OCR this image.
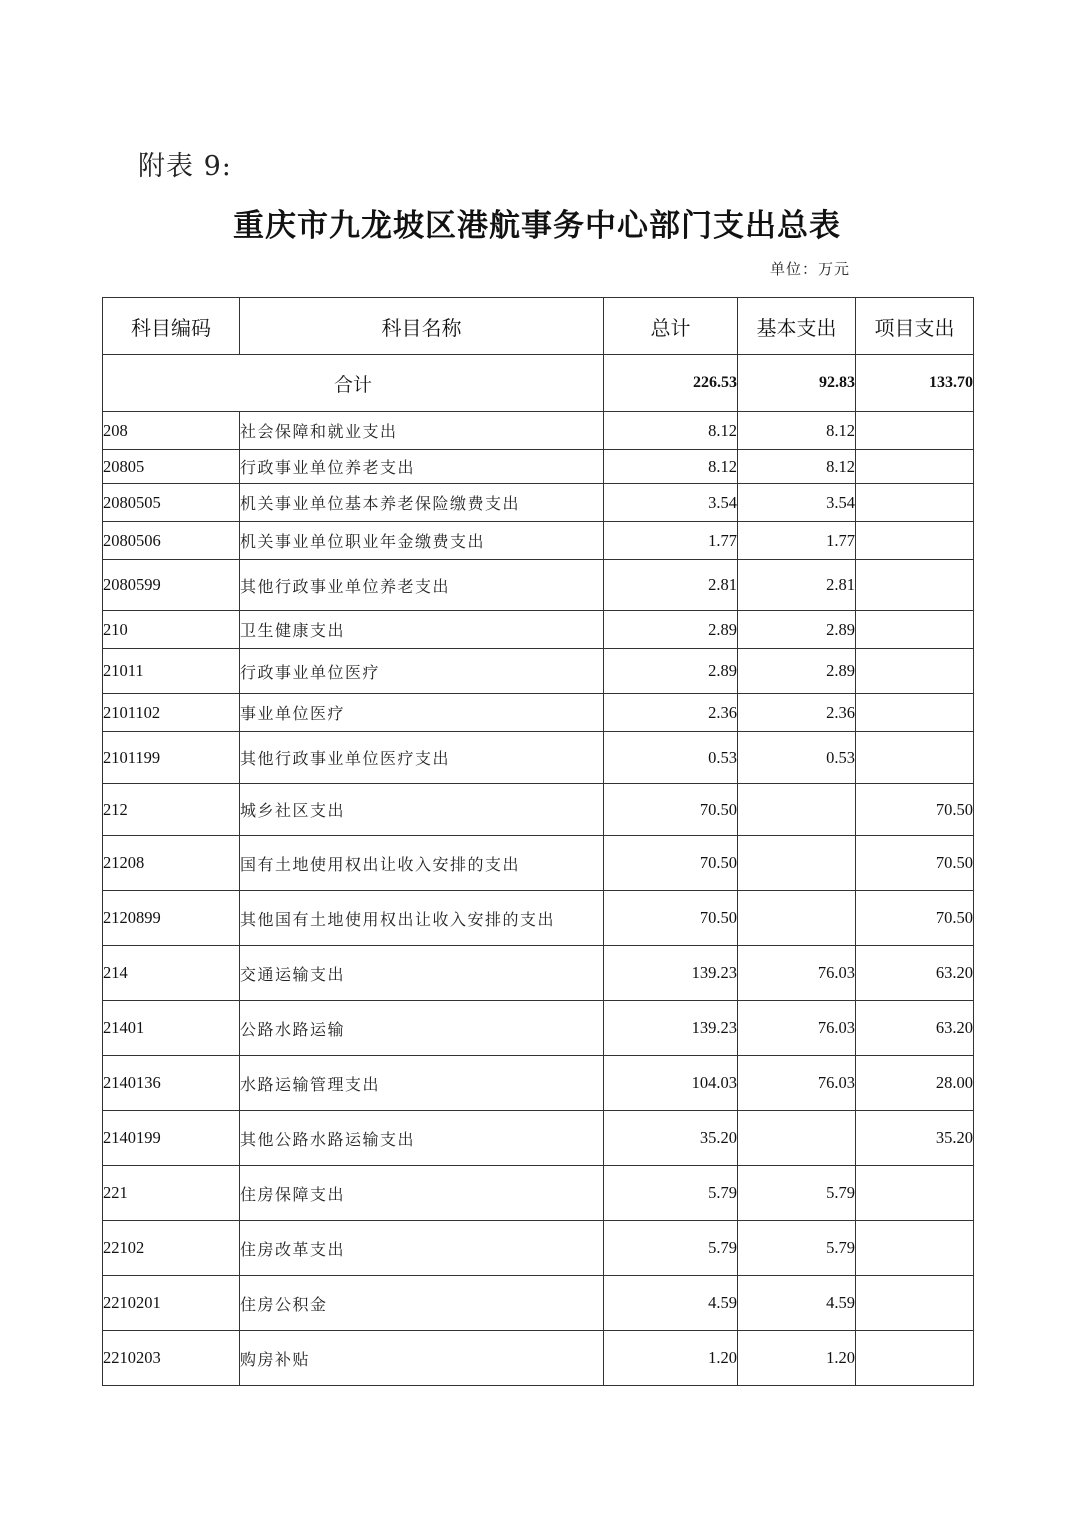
附表 9:
重庆市九龙坡区港航事务中心部门支出总表
单位：万元
科目编码	科目名称	总计	基本支出	项目支出
合计		226.53	92.83	133.70
208	社会保障和就业支出	8.12	8.12	
20805	行政事业单位养老支出	8.12	8.12	
2080505	机关事业单位基本养老保险缴费支出	3.54	3.54	
2080506	机关事业单位职业年金缴费支出	1.77	1.77	
2080599	其他行政事业单位养老支出	2.81	2.81	
210	卫生健康支出	2.89	2.89	
21011	行政事业单位医疗	2.89	2.89	
2101102	事业单位医疗	2.36	2.36	
2101199	其他行政事业单位医疗支出	0.53	0.53	
212	城乡社区支出	70.50		70.50
21208	国有土地使用权出让收入安排的支出	70.50		70.50
2120899	其他国有土地使用权出让收入安排的支出	70.50		70.50
214	交通运输支出	139.23	76.03	63.20
21401	公路水路运输	139.23	76.03	63.20
2140136	水路运输管理支出	104.03	76.03	28.00
2140199	其他公路水路运输支出	35.20		35.20
221	住房保障支出	5.79	5.79	
22102	住房改革支出	5.79	5.79	
2210201	住房公积金	4.59	4.59	
2210203	购房补贴	1.20	1.20	
